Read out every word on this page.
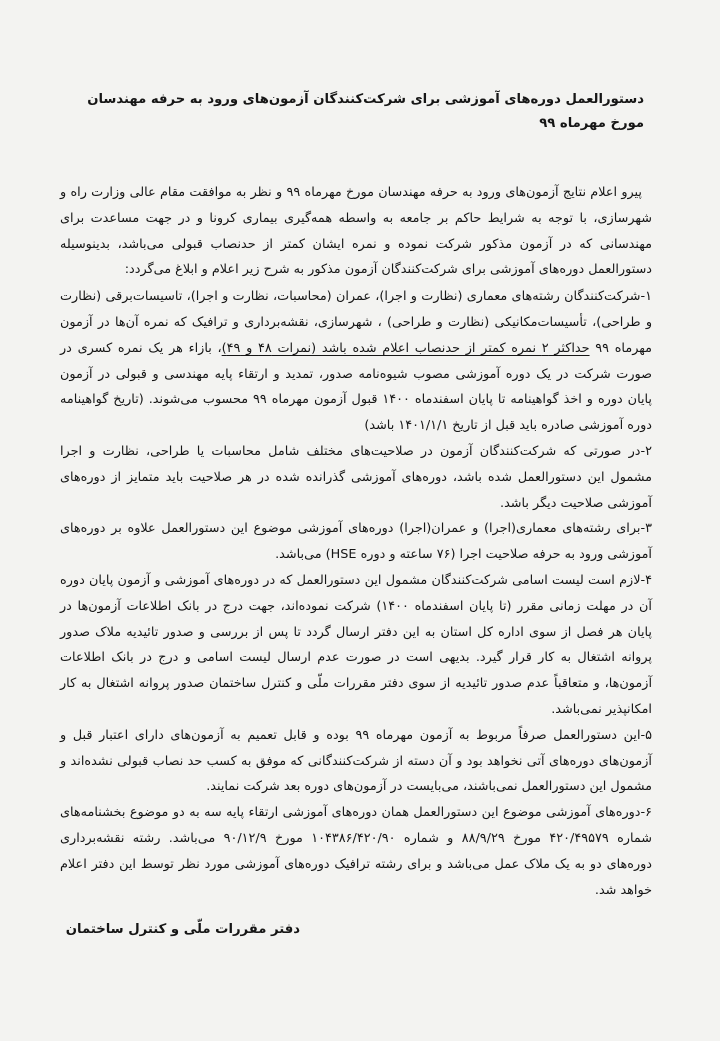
دستورالعمل دوره‌های آموزشی برای شرکت‌کنندگان آزمون‌های ورود به حرفه مهندسان مورخ مهرماه ۹۹

پیرو اعلام نتایج آزمون‌های ورود به حرفه مهندسان مورخ مهرماه ۹۹ و نظر به موافقت مقام عالی وزارت راه و شهرسازی، با توجه به شرایط حاکم بر جامعه به واسطه همه‌گیری بیماری کرونا و در جهت مساعدت برای مهندسانی که در آزمون مذکور شرکت نموده و نمره ایشان کمتر از حدنصاب قبولی می‌باشد، بدینوسیله دستورالعمل دوره‌های آموزشی برای شرکت‌کنندگان آزمون مذکور به شرح زیر اعلام و ابلاغ می‌گردد:

۱-شرکت‌کنندگان رشته‌های معماری (نظارت و اجرا)، عمران (محاسبات، نظارت و اجرا)، تاسیسات‌برقی (نظارت و طراحی)، تأسیسات‌مکانیکی (نظارت و طراحی) ، شهرسازی، نقشه‌برداری و ترافیک که نمره آن‌ها در آزمون مهرماه ۹۹ حداکثر ۲ نمره کمتر از حدنصاب اعلام شده باشد (نمرات ۴۸ و ۴۹)، بازاء هر یک نمره کسری در صورت شرکت در یک دوره آموزشی مصوب شیوه‌نامه صدور، تمدید و ارتقاء پایه مهندسی و قبولی در آزمون پایان دوره و اخذ گواهینامه تا پایان اسفندماه ۱۴۰۰ قبول آزمون مهرماه ۹۹ محسوب می‌شوند. (تاریخ گواهینامه دوره آموزشی صادره باید قبل از تاریخ ۱۴۰۱/۱/۱ باشد)

۲-در صورتی که شرکت‌کنندگان آزمون در صلاحیت‌های مختلف شامل محاسبات یا طراحی، نظارت و اجرا مشمول این دستورالعمل شده باشد، دوره‌های آموزشی گذرانده شده در هر صلاحیت باید متمایز از دوره‌های آموزشی صلاحیت دیگر باشد.

۳-برای رشته‌های معماری(اجرا) و عمران(اجرا) دوره‌های آموزشی موضوع این دستورالعمل علاوه بر دوره‌های آموزشی ورود به حرفه صلاحیت اجرا (۷۶ ساعته و دوره HSE) می‌باشد.

۴-لازم است لیست اسامی شرکت‌کنندگان مشمول این دستورالعمل که در دوره‌های آموزشی و آزمون پایان دوره آن در مهلت زمانی مقرر (تا پایان اسفندماه ۱۴۰۰) شرکت نموده‌اند، جهت درج در بانک اطلاعات آزمون‌ها در پایان هر فصل از سوی اداره کل استان به این دفتر ارسال گردد تا پس از بررسی و صدور تائیدیه ملاک صدور پروانه اشتغال به کار قرار گیرد. بدیهی است در صورت عدم ارسال لیست اسامی و درج در بانک اطلاعات آزمون‌ها، و متعاقباً عدم صدور تائیدیه از سوی دفتر مقررات ملّی و کنترل ساختمان صدور پروانه اشتغال به کار امکانپذیر نمی‌باشد.

۵-این دستورالعمل صرفاً مربوط به آزمون مهرماه ۹۹ بوده و قابل تعمیم به آزمون‌های دارای اعتبار قبل و آزمون‌های دوره‌های آتی نخواهد بود و آن دسته از شرکت‌کنندگانی که موفق به کسب حد نصاب قبولی نشده‌اند و مشمول این دستورالعمل نمی‌باشند، می‌بایست در آزمون‌های دوره بعد شرکت نمایند.

۶-دوره‌های آموزشی موضوع این دستورالعمل همان دوره‌های آموزشی ارتقاء پایه سه به دو موضوع بخشنامه‌های شماره ۴۲۰/۴۹۵۷۹ مورخ ۸۸/۹/۲۹ و شماره ۱۰۴۳۸۶/۴۲۰/۹۰ مورخ ۹۰/۱۲/۹ می‌باشد. رشته نقشه‌برداری دوره‌های دو به یک ملاک عمل می‌باشد و برای رشته ترافیک دوره‌های آموزشی مورد نظر توسط این دفتر اعلام خواهد شد.

دفتر مقررات ملّی و کنترل ساختمان
